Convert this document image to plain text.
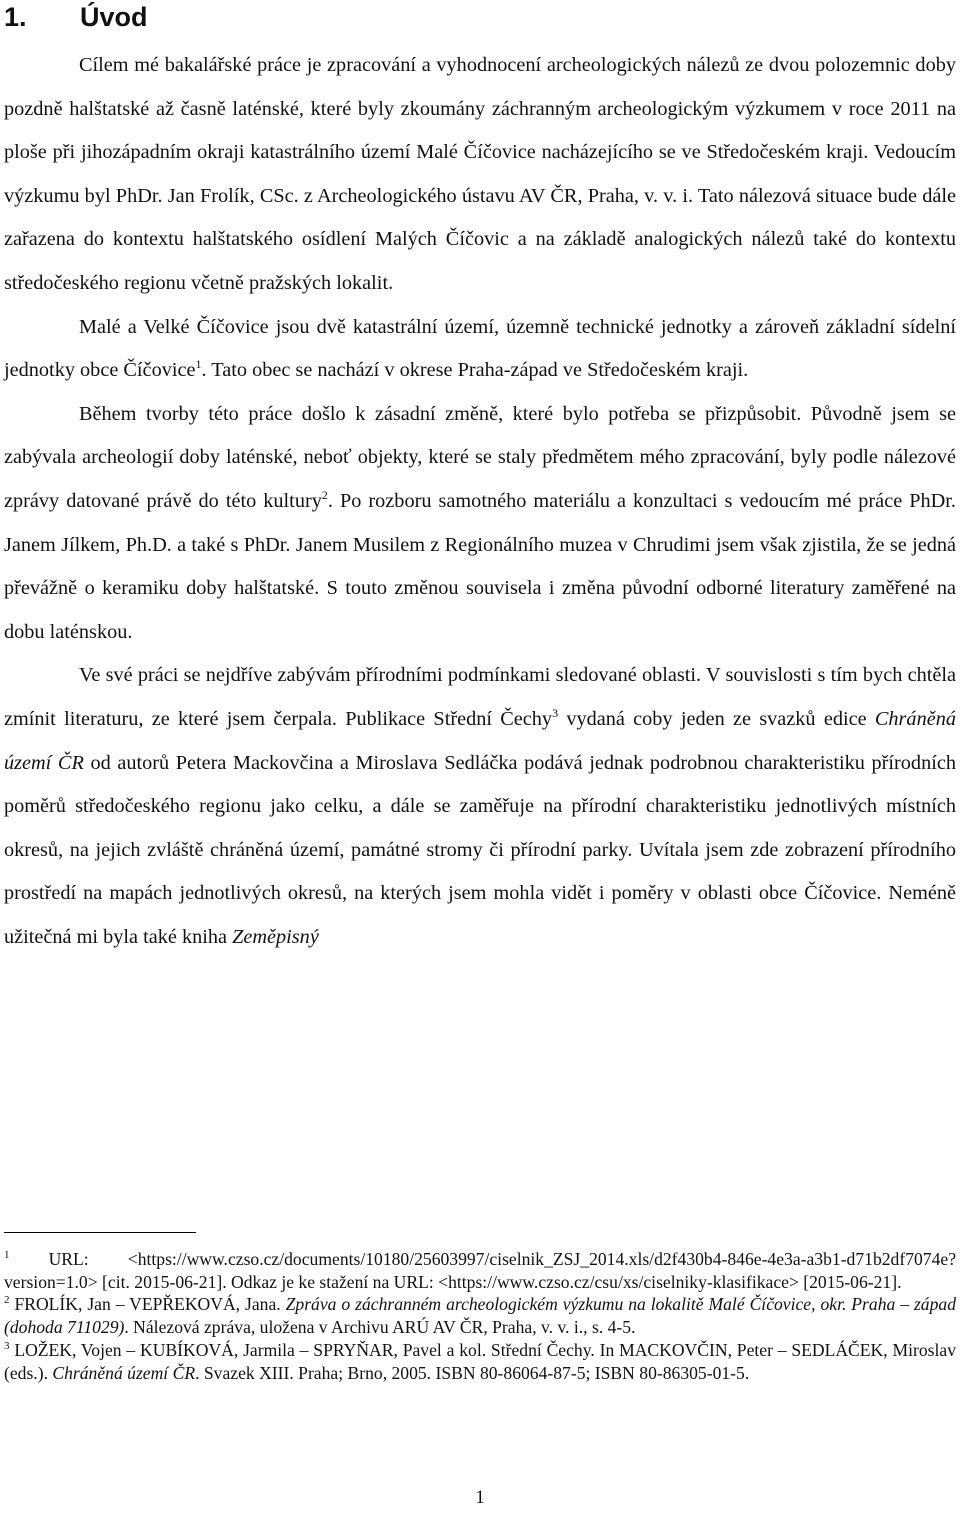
1. Úvod

Cílem mé bakalářské práce je zpracování a vyhodnocení archeologických nálezů ze dvou polozemnic doby pozdně halštatské až časně laténské, které byly zkoumány záchranným archeologickým výzkumem v roce 2011 na ploše při jihozápadním okraji katastrálního území Malé Číčovice nacházejícího se ve Středočeském kraji. Vedoucím výzkumu byl PhDr. Jan Frolík, CSc. z Archeologického ústavu AV ČR, Praha, v. v. i. Tato nálezová situace bude dále zařazena do kontextu halštatského osídlení Malých Číčovic a na základě analogických nálezů také do kontextu středočeského regionu včetně pražských lokalit.

Malé a Velké Číčovice jsou dvě katastrální území, územně technické jednotky a zároveň základní sídelní jednotky obce Číčovice$^1$. Tato obec se nachází v okrese Praha-západ ve Středočeském kraji.

Během tvorby této práce došlo k zásadní změně, které bylo potřeba se přizpůsobit. Původně jsem se zabývala archeologií doby laténské, neboť objekty, které se staly předmětem mého zpracování, byly podle nálezové zprávy datované právě do této kultury$^2$. Po rozboru samotného materiálu a konzultaci s vedoucím mé práce PhDr. Janem Jílkem, Ph.D. a také s PhDr. Janem Musilem z Regionálního muzea v Chrudimi jsem však zjistila, že se jedná převážně o keramiku doby halštatské. S touto změnou souvisela i změna původní odborné literatury zaměřené na dobu laténskou.

Ve své práci se nejdříve zabývám přírodními podmínkami sledované oblasti. V souvislosti s tím bych chtěla zmínit literaturu, ze které jsem čerpala. Publikace Střední Čechy$^3$ vydaná coby jeden ze svazků edice Chráněná území ČR od autorů Petera Mackovčina a Miroslava Sedláčka podává jednak podrobnou charakteristiku přírodních poměrů středočeského regionu jako celku, a dále se zaměřuje na přírodní charakteristiku jednotlivých místních okresů, na jejich zvláště chráněná území, památné stromy či přírodní parky. Uvítala jsem zde zobrazení přírodního prostředí na mapách jednotlivých okresů, na kterých jsem mohla vidět i poměry v oblasti obce Číčovice. Neméně užitečná mi byla také kniha Zeměpisný

$^1$ URL: <https://www.czso.cz/documents/10180/25603997/ciselnik_ZSJ_2014.xls/d2f430b4-846e-4e3a-a3b1-d71b2df7074e?version=1.0> [cit. 2015-06-21]. Odkaz je ke stažení na URL: <https://www.czso.cz/csu/xs/ciselniky-klasifikace> [2015-06-21].

$^2$ FROLÍK, Jan – VEPŘEKOVÁ, Jana. Zpráva o záchranném archeologickém výzkumu na lokalitě Malé Číčovice, okr. Praha – západ (dohoda 711029). Nálezová zpráva, uložena v Archivu ARÚ AV ČR, Praha, v. v. i., s. 4-5.

$^3$ LOŽEK, Vojen – KUBÍKOVÁ, Jarmila – SPRYŇAR, Pavel a kol. Střední Čechy. In MACKOVČIN, Peter – SEDLÁČEK, Miroslav (eds.). Chráněná území ČR. Svazek XIII. Praha; Brno, 2005. ISBN 80-86064-87-5; ISBN 80-86305-01-5.

1
